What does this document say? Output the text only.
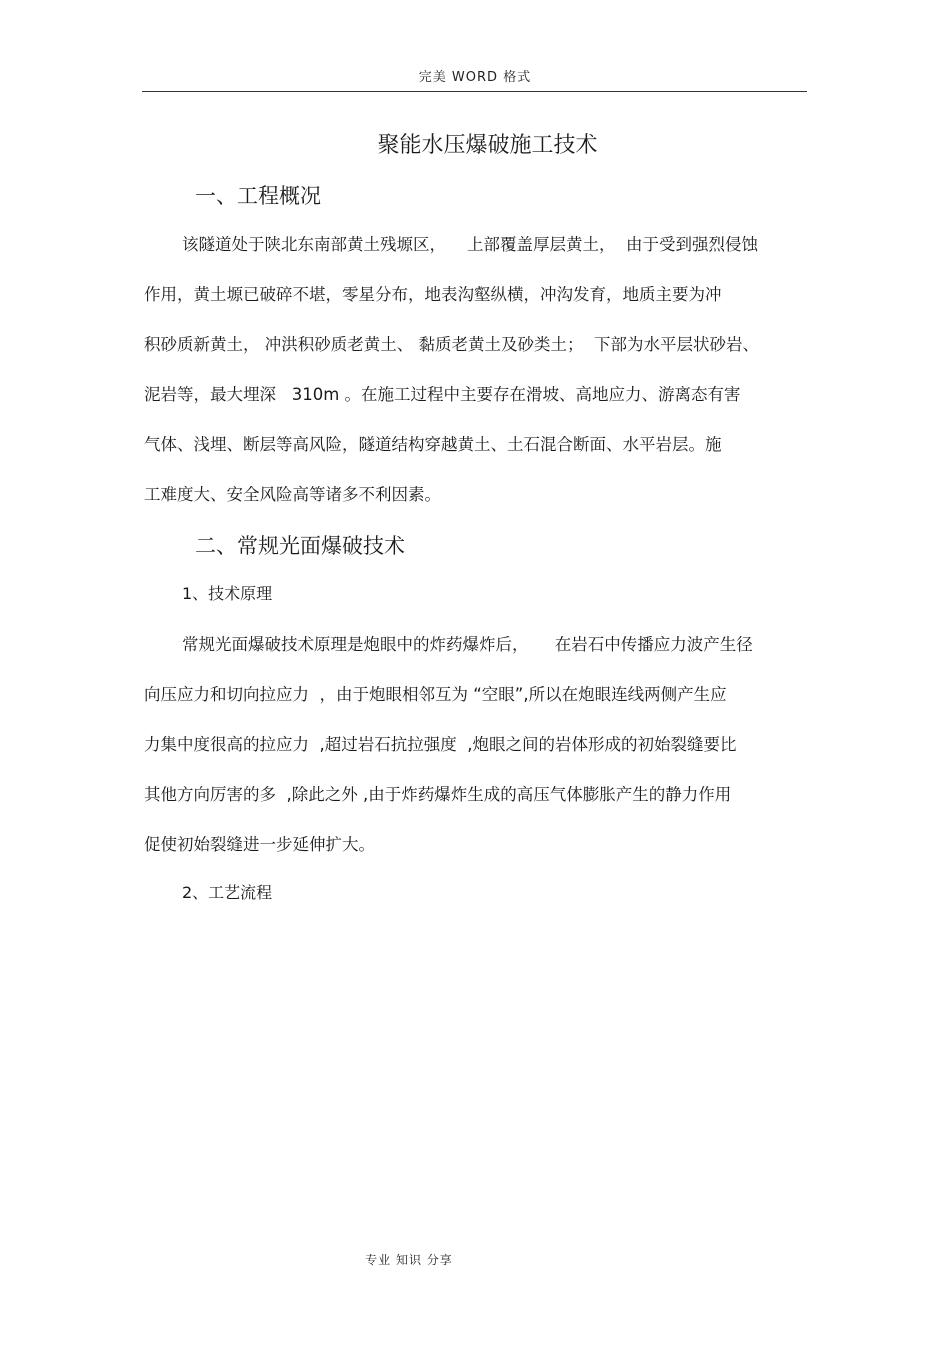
完美 WORD 格式
聚能水压爆破施工技术
一、工程概况
该隧道处于陕北东南部黄土残塬区，    上部覆盖厚层黄土，  由于受到强烈侵蚀
作用，黄土塬已破碎不堪，零星分布，地表沟壑纵横，冲沟发育，地质主要为冲
积砂质新黄土， 冲洪积砂质老黄土、 黏质老黄土及砂类土；  下部为水平层状砂岩、
泥岩等，最大埋深   310m 。在施工过程中主要存在滑坡、高地应力、游离态有害
气体、浅埋、断层等高风险，隧道结构穿越黄土、土石混合断面、水平岩层。施
工难度大、安全风险高等诸多不利因素。
二、常规光面爆破技术
1、技术原理
常规光面爆破技术原理是炮眼中的炸药爆炸后，     在岩石中传播应力波产生径
向压应力和切向拉应力  ，由于炮眼相邻互为 “空眼”,所以在炮眼连线两侧产生应
力集中度很高的拉应力  ,超过岩石抗拉强度  ,炮眼之间的岩体形成的初始裂缝要比
其他方向厉害的多  ,除此之外 ,由于炸药爆炸生成的高压气体膨胀产生的静力作用
促使初始裂缝进一步延伸扩大。
2、工艺流程
专业 知识 分享
